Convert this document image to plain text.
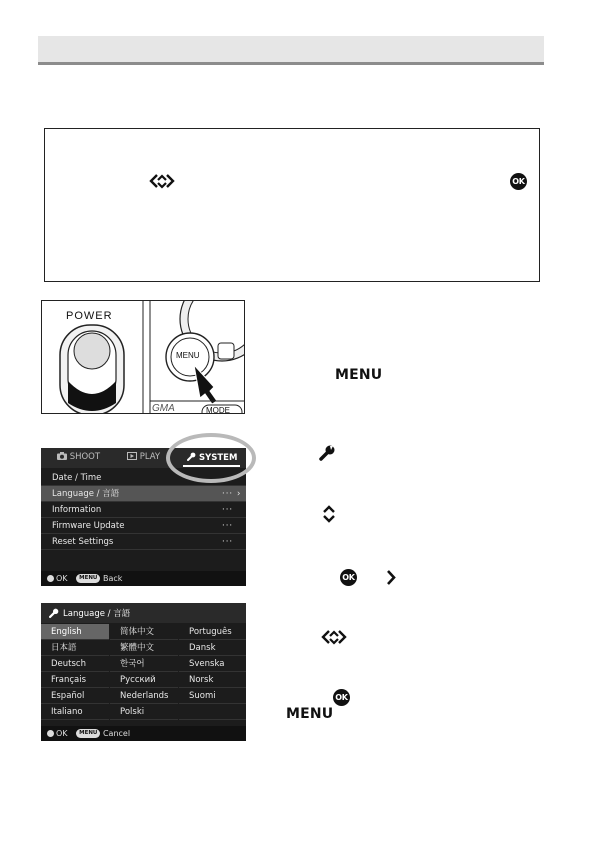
OK
POWER
MENU
GMA	MODE
MENU
OK
OK
MENU
SHOOT	PLAY	SYSTEM
Date / Time
Language / 言語	··· ›
Information	···
Firmware Update	···
Reset Settings	···
OK MENU Back
Language / 言語
English	简体中文	Português
日本語	繁體中文	Dansk
Deutsch	한국어	Svenska
Français	Русский	Norsk
Español	Nederlands	Suomi
Italiano	Polski
OK MENU Cancel
